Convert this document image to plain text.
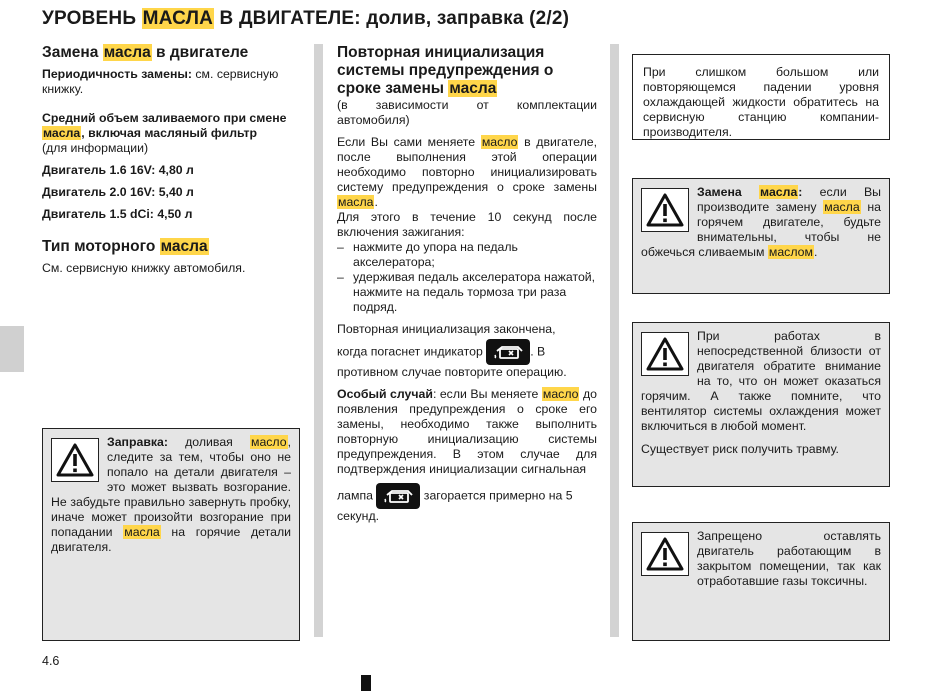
УРОВЕНЬ МАСЛА В ДВИГАТЕЛЕ: долив, заправка (2/2)
Замена масла в двигателе
Периодичность замены: см. сервисную книжку.
Средний объем заливаемого при смене масла, включая масляный фильтр
(для информации)
Двигатель 1.6 16V: 4,80 л
Двигатель 2.0 16V: 5,40 л
Двигатель 1.5 dCi: 4,50 л
Тип моторного масла
См. сервисную книжку автомобиля.
Заправка: доливая масло, следите за тем, чтобы оно не попало на детали двигателя – это может вызвать возгорание. Не забудьте правильно завернуть пробку, иначе может произойти возгорание при попадании масла на горячие детали двигателя.
Повторная инициализация системы предупреждения о сроке замены масла
(в зависимости от комплектации автомобиля)
Если Вы сами меняете масло в двигателе, после выполнения этой операции необходимо повторно инициализировать систему предупреждения о сроке замены масла.
Для этого в течение 10 секунд после включения зажигания:
– нажмите до упора на педаль акселератора;
– удерживая педаль акселератора нажатой, нажмите на педаль тормоза три раза подряд.
Повторная инициализация закончена,
когда погаснет индикатор	. В противном случае повторите операцию.
Особый случай: если Вы меняете масло до появления предупреждения о сроке его замены, необходимо также выполнить повторную инициализацию системы предупреждения. В этом случае для подтверждения инициализации сигнальная
лампа	загорается примерно на 5 секунд.
При слишком большом или повторяющемся падении уровня охлаждающей жидкости обратитесь на сервисную станцию компании-производителя.
Замена масла: если Вы производите замену масла на горячем двигателе, будьте внимательны, чтобы не обжечься сливаемым маслом.
При работах в непосредственной близости от двигателя обратите внимание на то, что он может оказаться горячим. А также помните, что вентилятор системы охлаждения может включиться в любой момент.
Существует риск получить травму.
Запрещено оставлять двигатель работающим в закрытом помещении, так как отработавшие газы токсичны.
4.6
